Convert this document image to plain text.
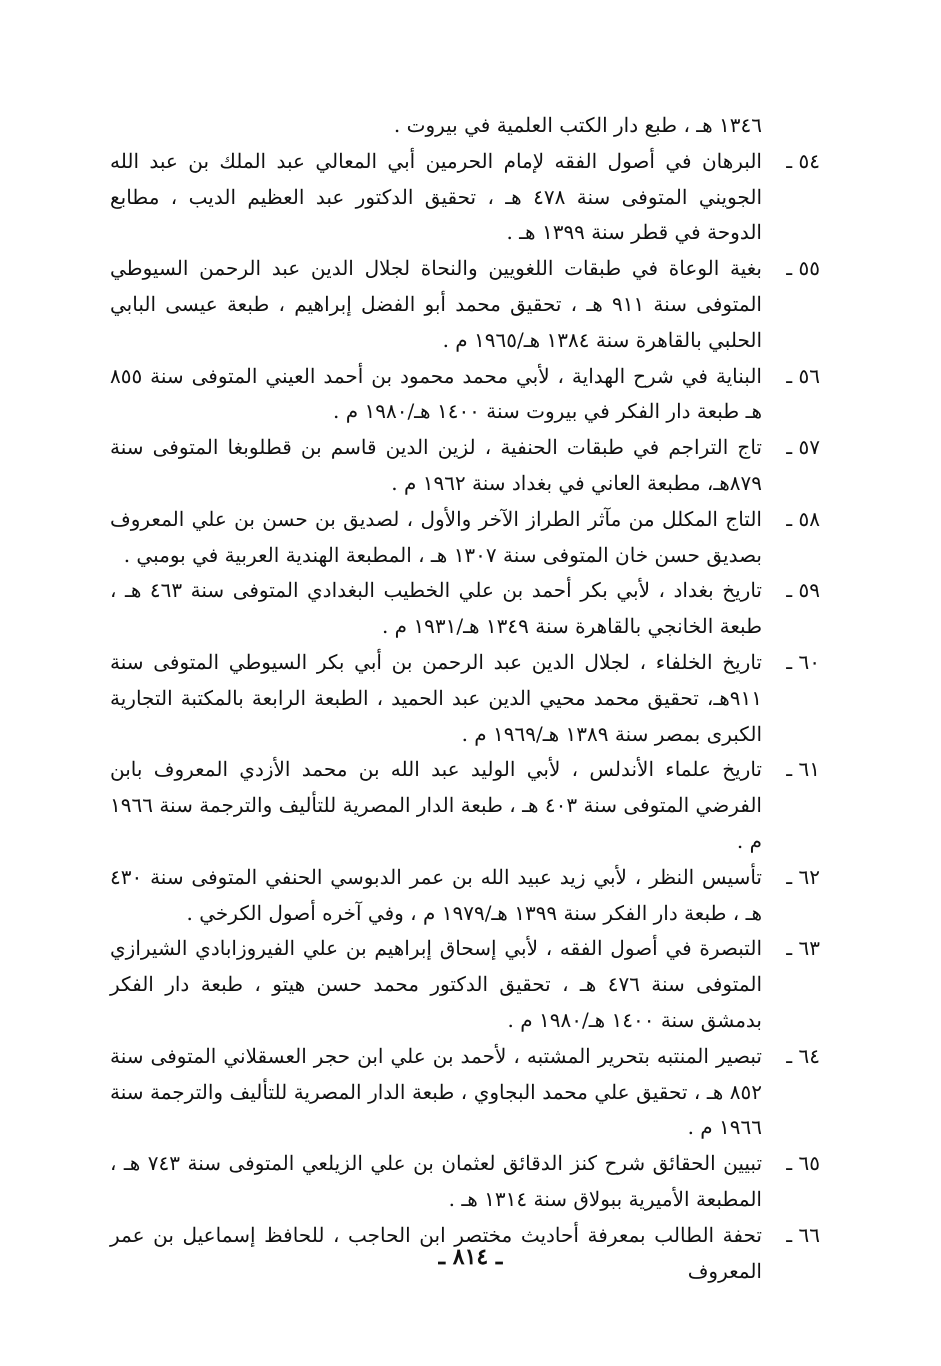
١٣٤٦ هـ ، طبع دار الكتب العلمية في بيروت .
٥٤ ـ
البرهان في أصول الفقه لإمام الحرمين أبي المعالي عبد الملك بن عبد الله الجويني المتوفى سنة ٤٧٨ هـ ، تحقيق الدكتور عبد العظيم الديب ، مطابع الدوحة في قطر سنة ١٣٩٩ هـ .
٥٥ ـ
بغية الوعاة في طبقات اللغويين والنحاة لجلال الدين عبد الرحمن السيوطي المتوفى سنة ٩١١ هـ ، تحقيق محمد أبو الفضل إبراهيم ، طبعة عيسى البابي الحلبي بالقاهرة سنة ١٣٨٤ هـ/١٩٦٥ م .
٥٦ ـ
البناية في شرح الهداية ، لأبي محمد محمود بن أحمد العيني المتوفى سنة ٨٥٥ هـ طبعة دار الفكر في بيروت سنة ١٤٠٠ هـ/١٩٨٠ م .
٥٧ ـ
تاج التراجم في طبقات الحنفية ، لزين الدين قاسم بن قطلوبغا المتوفى سنة ٨٧٩هـ، مطبعة العاني في بغداد سنة ١٩٦٢ م .
٥٨ ـ
التاج المكلل من مآثر الطراز الآخر والأول ، لصديق بن حسن بن علي المعروف بصديق حسن خان المتوفى سنة ١٣٠٧ هـ ، المطبعة الهندية العربية في بومبي .
٥٩ ـ
تاريخ بغداد ، لأبي بكر أحمد بن علي الخطيب البغدادي المتوفى سنة ٤٦٣ هـ ، طبعة الخانجي بالقاهرة سنة ١٣٤٩ هـ/١٩٣١ م .
٦٠ ـ
تاريخ الخلفاء ، لجلال الدين عبد الرحمن بن أبي بكر السيوطي المتوفى سنة ٩١١هـ، تحقيق محمد محيي الدين عبد الحميد ، الطبعة الرابعة بالمكتبة التجارية الكبرى بمصر سنة ١٣٨٩ هـ/١٩٦٩ م .
٦١ ـ
تاريخ علماء الأندلس ، لأبي الوليد عبد الله بن محمد الأزدي المعروف بابن الفرضي المتوفى سنة ٤٠٣ هـ ، طبعة الدار المصرية للتأليف والترجمة سنة ١٩٦٦ م .
٦٢ ـ
تأسيس النظر ، لأبي زيد عبيد الله بن عمر الدبوسي الحنفي المتوفى سنة ٤٣٠ هـ ، طبعة دار الفكر سنة ١٣٩٩ هـ/١٩٧٩ م ، وفي آخره أصول الكرخي .
٦٣ ـ
التبصرة في أصول الفقه ، لأبي إسحاق إبراهيم بن علي الفيروزابادي الشيرازي المتوفى سنة ٤٧٦ هـ ، تحقيق الدكتور محمد حسن هيتو ، طبعة دار الفكر بدمشق سنة ١٤٠٠ هـ/١٩٨٠ م .
٦٤ ـ
تبصير المنتبه بتحرير المشتبه ، لأحمد بن علي ابن حجر العسقلاني المتوفى سنة ٨٥٢ هـ ، تحقيق علي محمد البجاوي ، طبعة الدار المصرية للتأليف والترجمة سنة ١٩٦٦ م .
٦٥ ـ
تبيين الحقائق شرح كنز الدقائق لعثمان بن علي الزيلعي المتوفى سنة ٧٤٣ هـ ، المطبعة الأميرية ببولاق سنة ١٣١٤ هـ .
٦٦ ـ
تحفة الطالب بمعرفة أحاديث مختصر ابن الحاجب ، للحافظ إسماعيل بن عمر المعروف
ـ ٨١٤ ـ
